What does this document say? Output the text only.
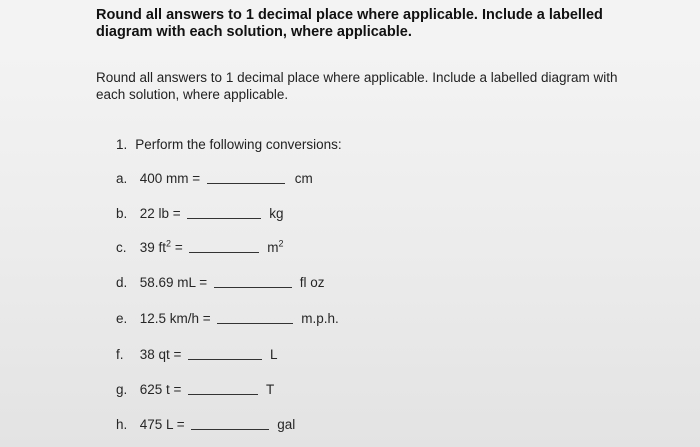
Round all answers to 1 decimal place where applicable. Include a labelled diagram with each solution, where applicable.

Round all answers to 1 decimal place where applicable. Include a labelled diagram with each solution, where applicable.

1. Perform the following conversions:

a. 400 mm =	cm
b. 22 lb =	kg
c. 39 $ft^2$ =	$m^2$
d. 58.69 mL =	fl oz
e. 12.5 km/h =	m.p.h.
f. 38 qt =	L
g. 625 t =	T
h. 475 L =	gal
